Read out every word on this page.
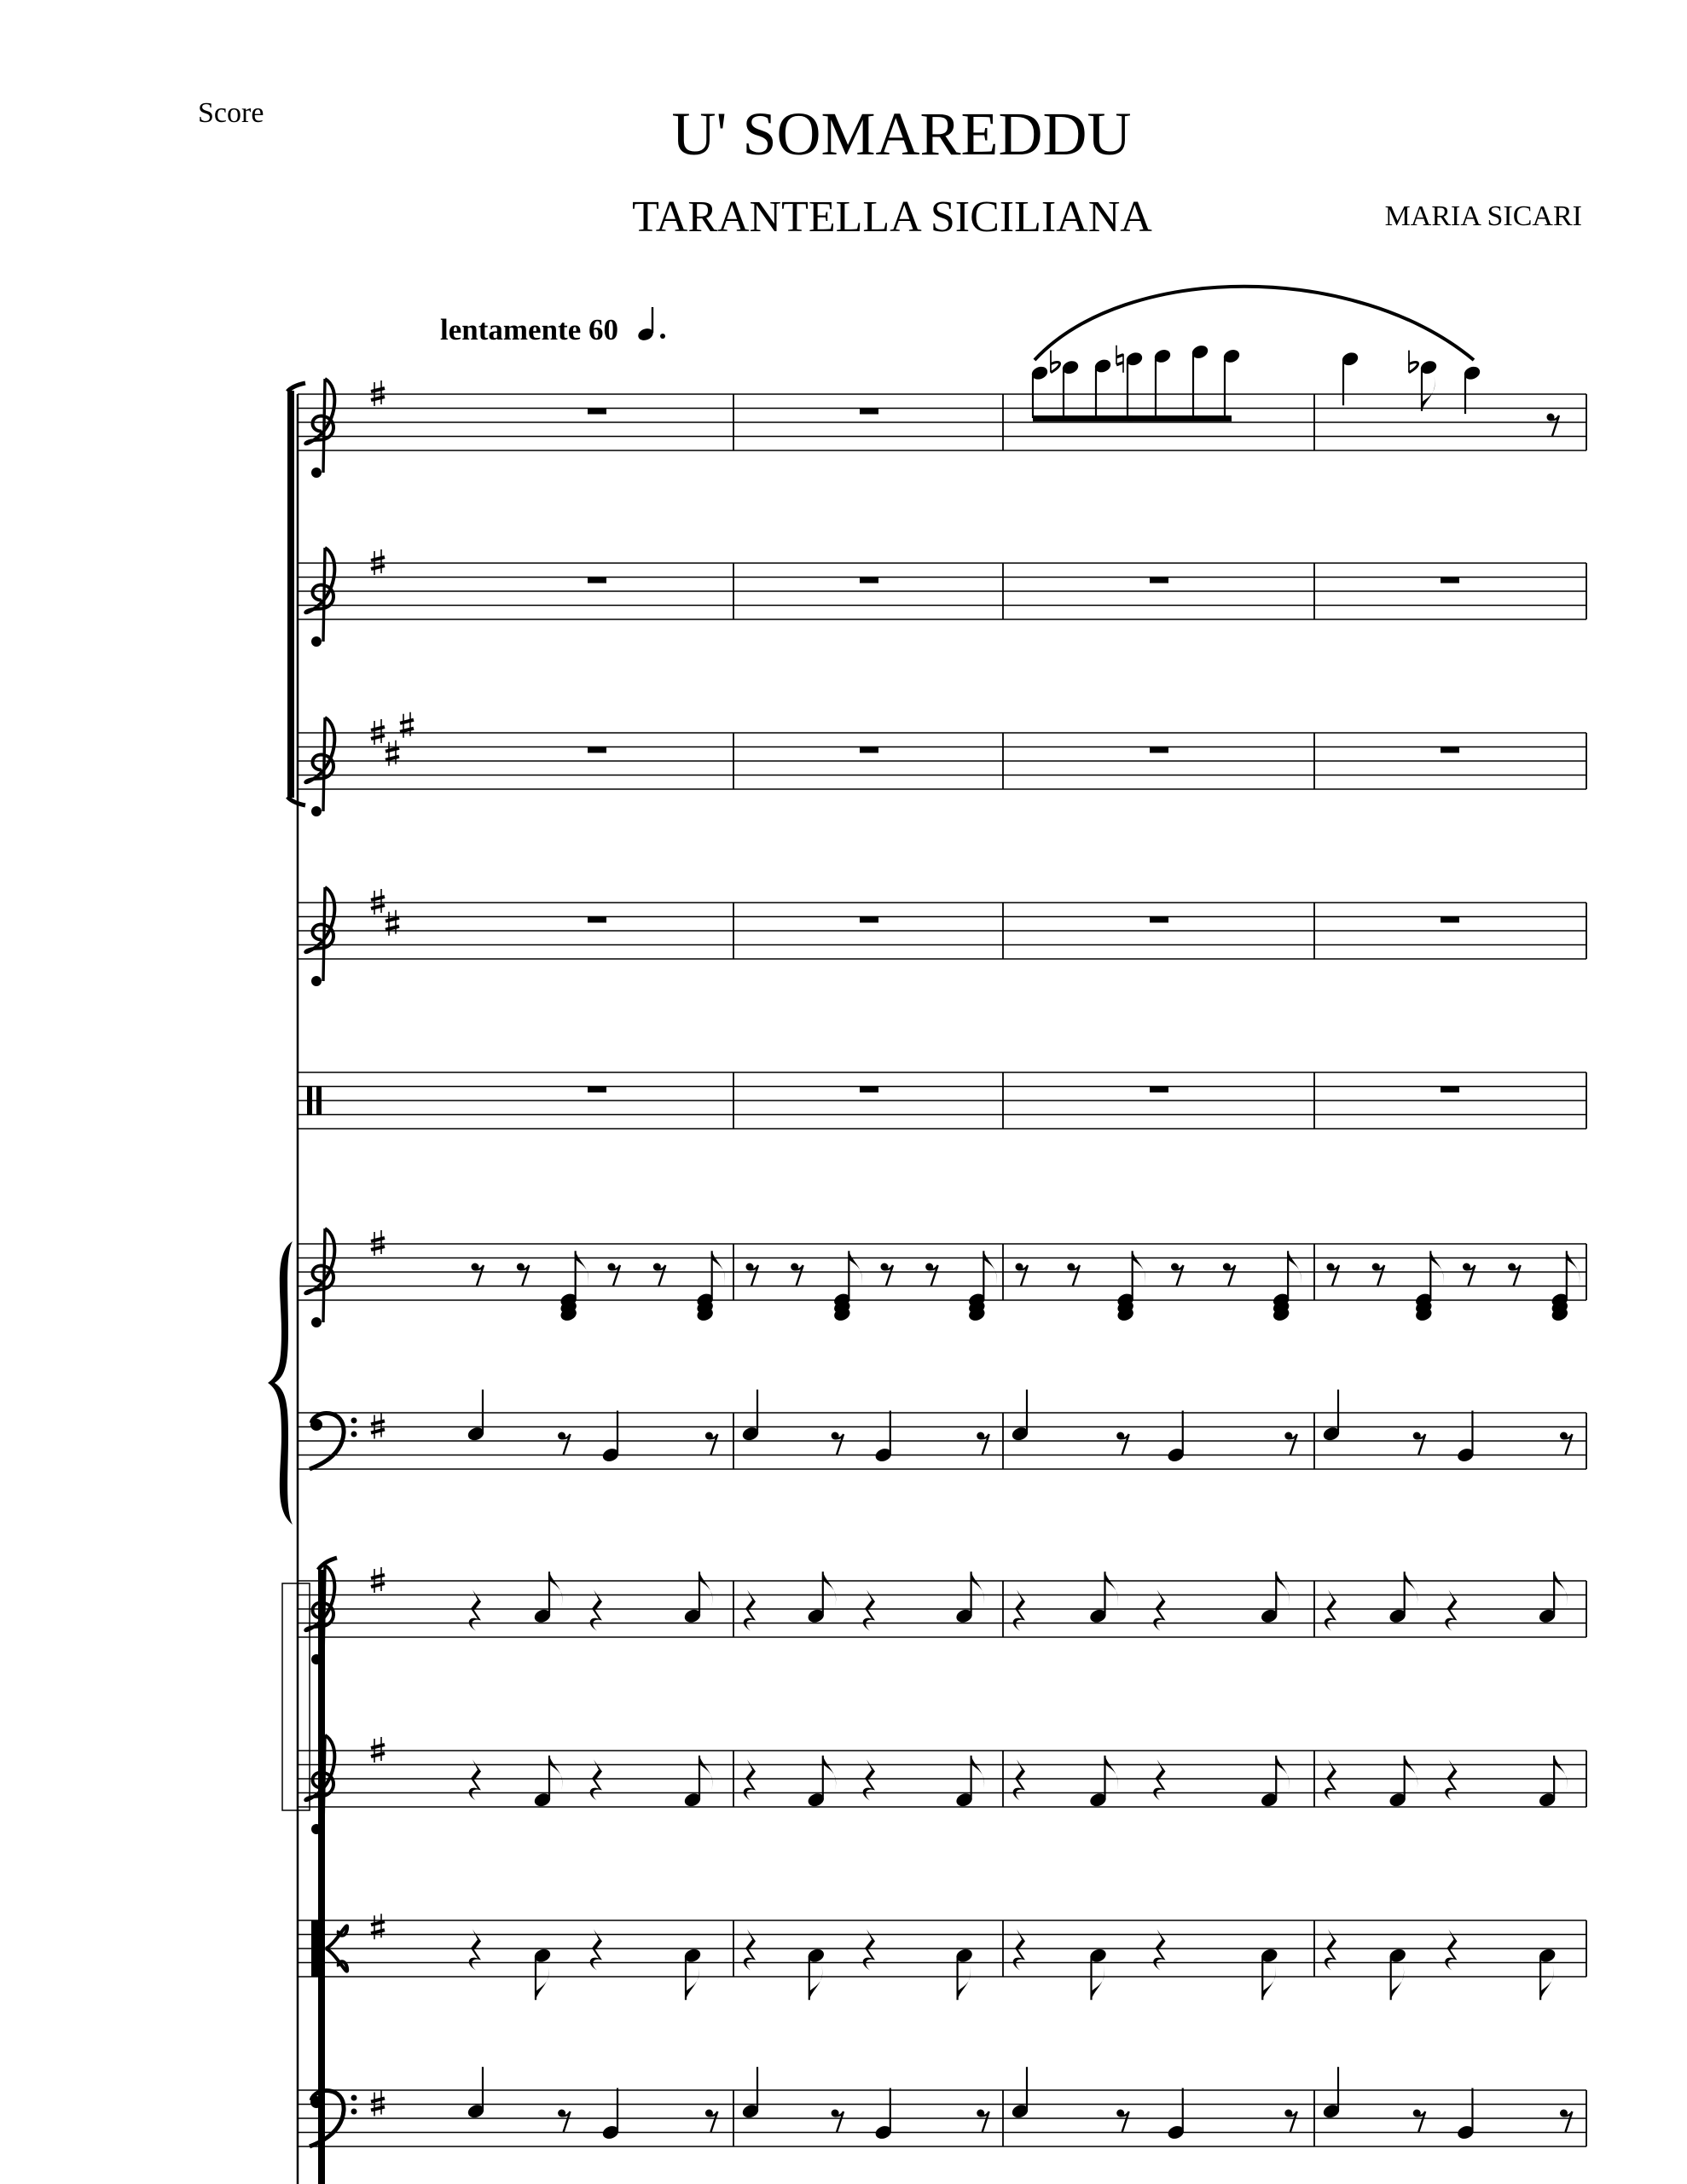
Score	U' SOMAREDDU
TARANTELLA SICILIANA	MARIA SICARI
lentamente 60
